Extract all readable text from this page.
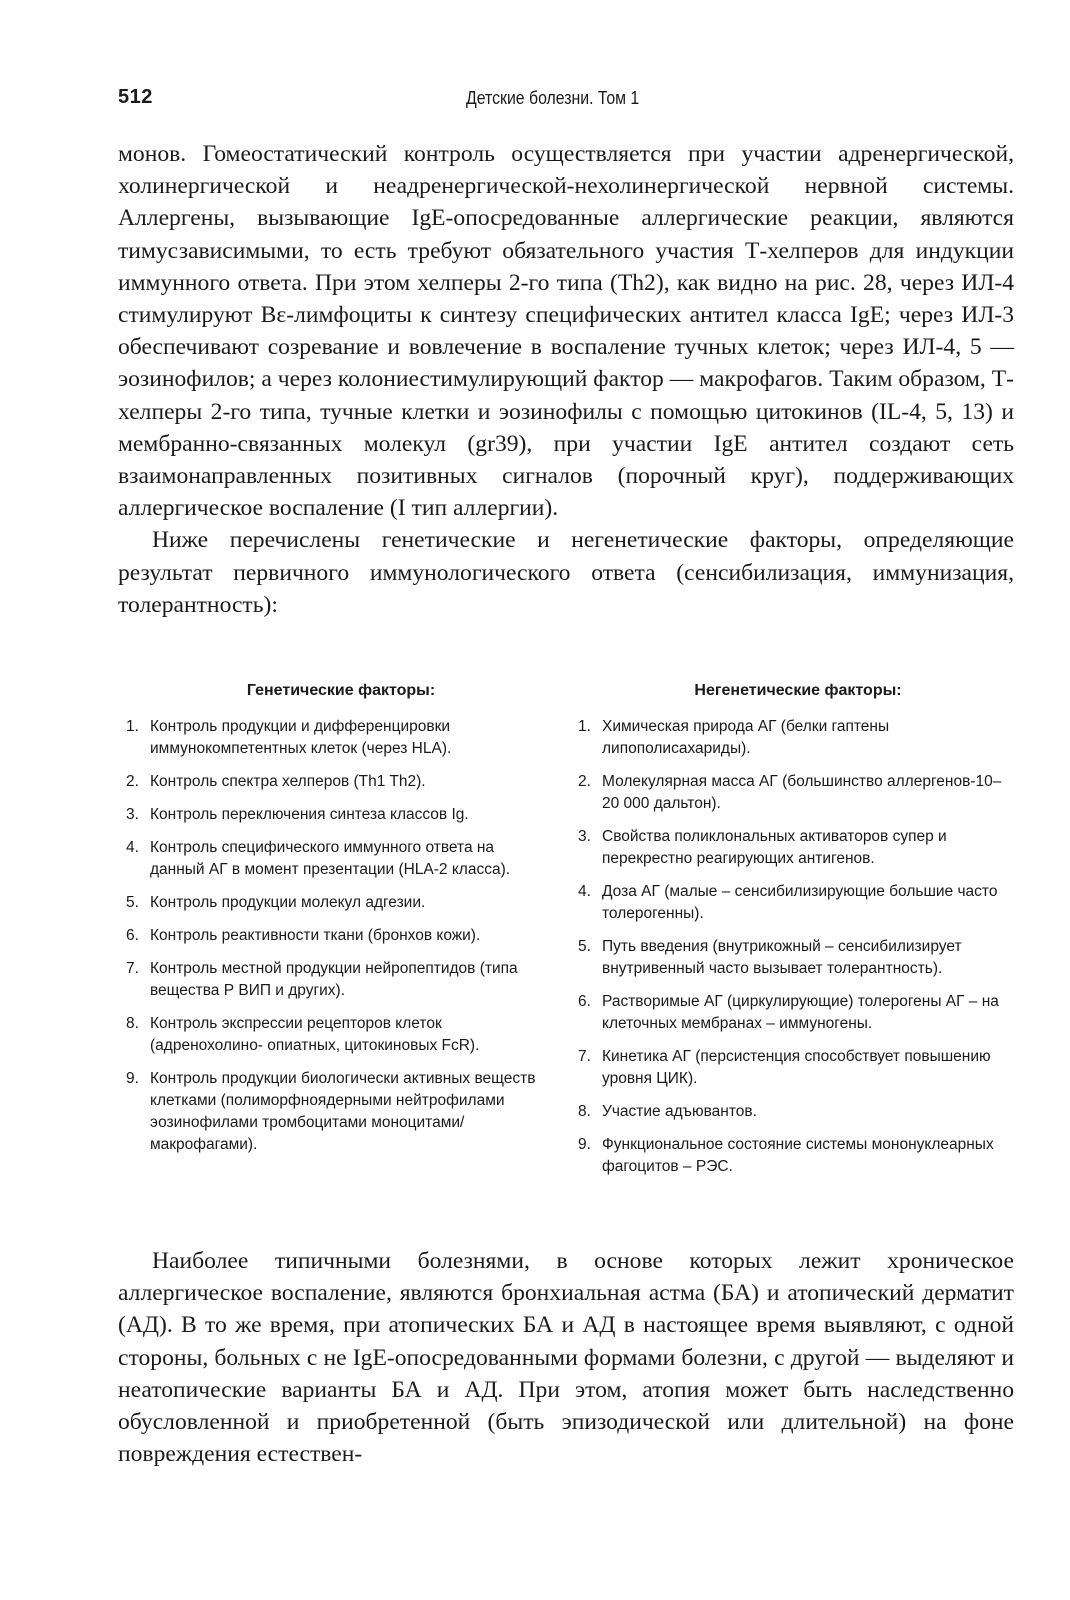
512	Детские болезни. Том 1

монов. Гомеостатический контроль осуществляется при участии адренергической, холинергической и неадренергической-нехолинергической нервной системы. Аллергены, вызывающие IgE-опосредованные аллергические реакции, являются тимусзависимыми, то есть требуют обязательного участия Т-хелперов для индукции иммунного ответа. При этом хелперы 2-го типа (Th2), как видно на рис. 28, через ИЛ-4 стимулируют Вε-лимфоциты к синтезу специфических антител класса IgE; через ИЛ-3 обеспечивают созревание и вовлечение в воспаление тучных клеток; через ИЛ-4, 5 — эозинофилов; а через колониестимулирующий фактор — макрофагов. Таким образом, Т-хелперы 2-го типа, тучные клетки и эозинофилы с помощью цитокинов (IL-4, 5, 13) и мембранно-связанных молекул (gr39), при участии IgE антител создают сеть взаимонаправленных позитивных сигналов (порочный круг), поддерживающих аллергическое воспаление (I тип аллергии).

Ниже перечислены генетические и негенетические факторы, определяющие результат первичного иммунологического ответа (сенсибилизация, иммунизация, толерантность):

Генетические факторы:
1. Контроль продукции и дифференцировки иммунокомпетентных клеток (через HLA).
2. Контроль спектра хелперов (Th1 Th2).
3. Контроль переключения синтеза классов Ig.
4. Контроль специфического иммунного ответа на данный АГ в момент презентации (HLA-2 класса).
5. Контроль продукции молекул адгезии.
6. Контроль реактивности ткани (бронхов кожи).
7. Контроль местной продукции нейропептидов (типа вещества Р ВИП и других).
8. Контроль экспрессии рецепторов клеток (адренохолино- опиатных, цитокиновых FcR).
9. Контроль продукции биологически активных веществ клетками (полиморфноядерными нейтрофилами эозинофилами тромбоцитами моноцитами/макрофагами).
Негенетические факторы:
1. Химическая природа АГ (белки гаптены липополисахариды).
2. Молекулярная масса АГ (большинство аллергенов-10–20 000 дальтон).
3. Свойства поликлональных активаторов супер и перекрестно реагирующих антигенов.
4. Доза АГ (малые – сенсибилизирующие большие часто толерогенны).
5. Путь введения (внутрикожный – сенсибилизирует внутривенный часто вызывает толерантность).
6. Растворимые АГ (циркулирующие) толерогены АГ – на клеточных мембранах – иммуногены.
7. Кинетика АГ (персистенция способствует повышению уровня ЦИК).
8. Участие адъювантов.
9. Функциональное состояние системы мононуклеарных фагоцитов – РЭС.

Наиболее типичными болезнями, в основе которых лежит хроническое аллергическое воспаление, являются бронхиальная астма (БА) и атопический дерматит (АД). В то же время, при атопических БА и АД в настоящее время выявляют, с одной стороны, больных с не IgE-опосредованными формами болезни, с другой — выделяют и неатопические варианты БА и АД. При этом, атопия может быть наследственно обусловленной и приобретенной (быть эпизодической или длительной) на фоне повреждения естествен-
